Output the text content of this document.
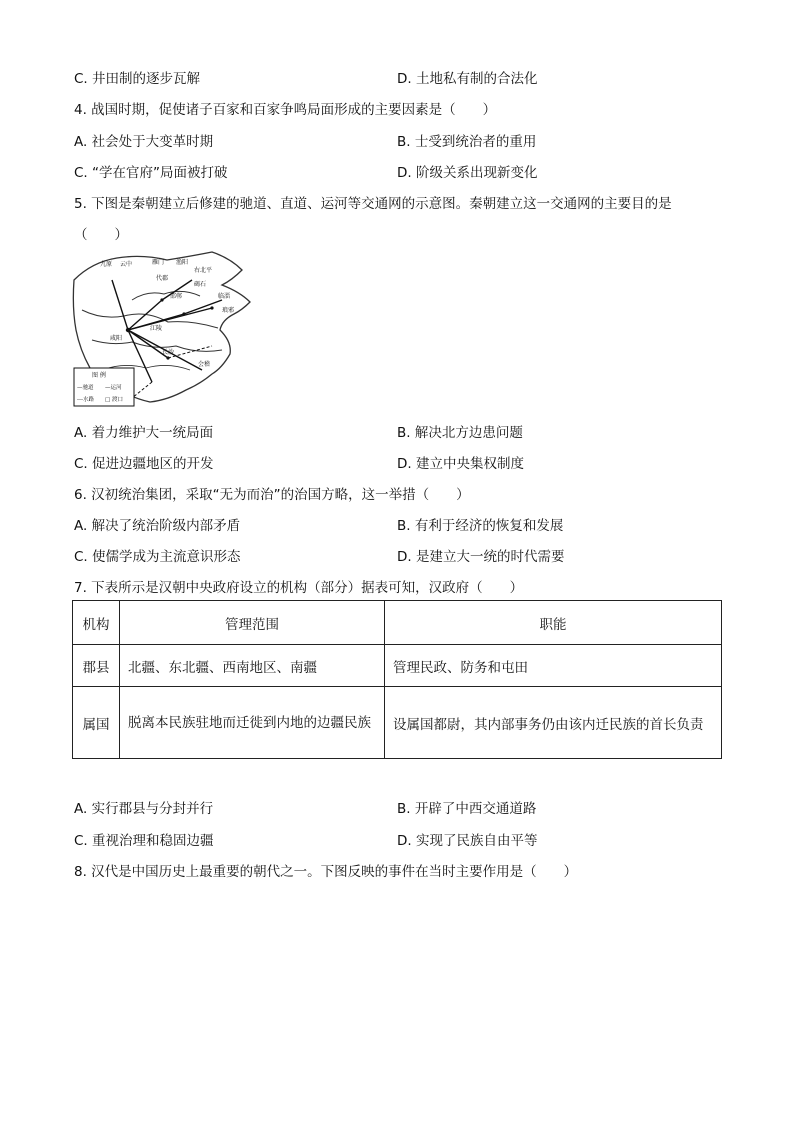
C. 井田制的逐步瓦解	D. 土地私有制的合法化
4. 战国时期，促使诸子百家和百家争鸣局面形成的主要因素是（　　）
A. 社会处于大变革时期	B. 士受到统治者的重用
C. “学在官府”局面被打破	D. 阶级关系出现新变化
5. 下图是秦朝建立后修建的驰道、直道、运河等交通网的示意图。秦朝建立这一交通网的主要目的是
（　　）
九原 云中	雁门
代郡
渔阳
右北平
碣石
邯郸	临淄
琅邪
咸阳
会稽
长沙
江陵
图 例
—驰道 —运河
---水路 □ 渡口
A. 着力维护大一统局面	B. 解决北方边患问题
C. 促进边疆地区的开发	D. 建立中央集权制度
6. 汉初统治集团，采取“无为而治”的治国方略，这一举措（　　）
A. 解决了统治阶级内部矛盾	B. 有利于经济的恢复和发展
C. 使儒学成为主流意识形态	D. 是建立大一统的时代需要
7. 下表所示是汉朝中央政府设立的机构（部分）据表可知，汉政府（　　）
机构	管理范围	职能
郡县	北疆、东北疆、西南地区、南疆	管理民政、防务和屯田
属国	脱离本民族驻地而迁徙到内地的边疆民族	设属国都尉，其内部事务仍由该内迁民族的首长负责
A. 实行郡县与分封并行	B. 开辟了中西交通道路
C. 重视治理和稳固边疆	D. 实现了民族自由平等
8. 汉代是中国历史上最重要的朝代之一。下图反映的事件在当时主要作用是（　　）
